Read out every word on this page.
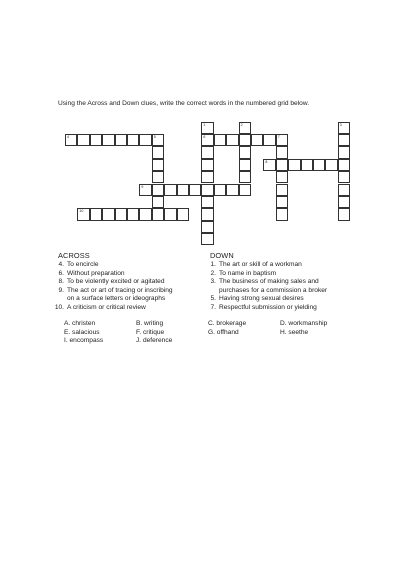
Using the Across and Down clues, write the correct words in the numbered grid below.
1
6
2	3
4	5	7
8
9
10
ACROSS	DOWN
4. To encircle
6. Without preparation
8. To be violently excited or agitated
9. The act or art of tracing or inscribing
on a surface letters or ideographs
10. A criticism or critical review
1. The art or skill of a workman
2. To name in baptism
3. The business of making sales and
purchases for a commission a broker
5. Having strong sexual desires
7. Respectful submission or yielding
A. christen	B. writing	C. brokerage	D. workmanship
E. salacious	F. critique	G. offhand	H. seethe
I. encompass	J. deference
